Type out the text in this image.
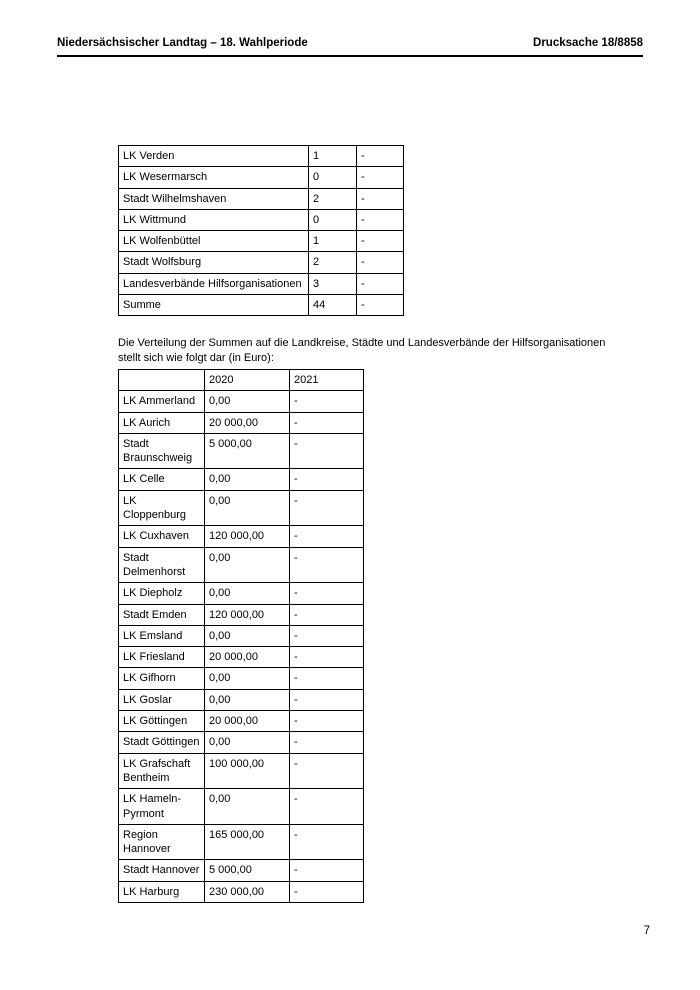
Niedersächsischer Landtag – 18. Wahlperiode	Drucksache 18/8858
LK Verden	1	-
LK Wesermarsch	0	-
Stadt Wilhelmshaven	2	-
LK Wittmund	0	-
LK Wolfenbüttel	1	-
Stadt Wolfsburg	2	-
Landesverbände Hilfsorganisationen	3	-
Summe	44	-
Die Verteilung der Summen auf die Landkreise, Städte und Landesverbände der Hilfsorganisationen stellt sich wie folgt dar (in Euro):
	2020	2021
LK Ammerland	0,00	-
LK Aurich	20 000,00	-
Stadt Braunschweig	5 000,00	-
LK Celle	0,00	-
LK Cloppenburg	0,00	-
LK Cuxhaven	120 000,00	-
Stadt Delmenhorst	0,00	-
LK Diepholz	0,00	-
Stadt Emden	120 000,00	-
LK Emsland	0,00	-
LK Friesland	20 000,00	-
LK Gifhorn	0,00	-
LK Goslar	0,00	-
LK Göttingen	20 000,00	-
Stadt Göttingen	0,00	-
LK Grafschaft Bentheim	100 000,00	-
LK Hameln-Pyrmont	0,00	-
Region Hannover	165 000,00	-
Stadt Hannover	5 000,00	-
LK Harburg	230 000,00	-
7
